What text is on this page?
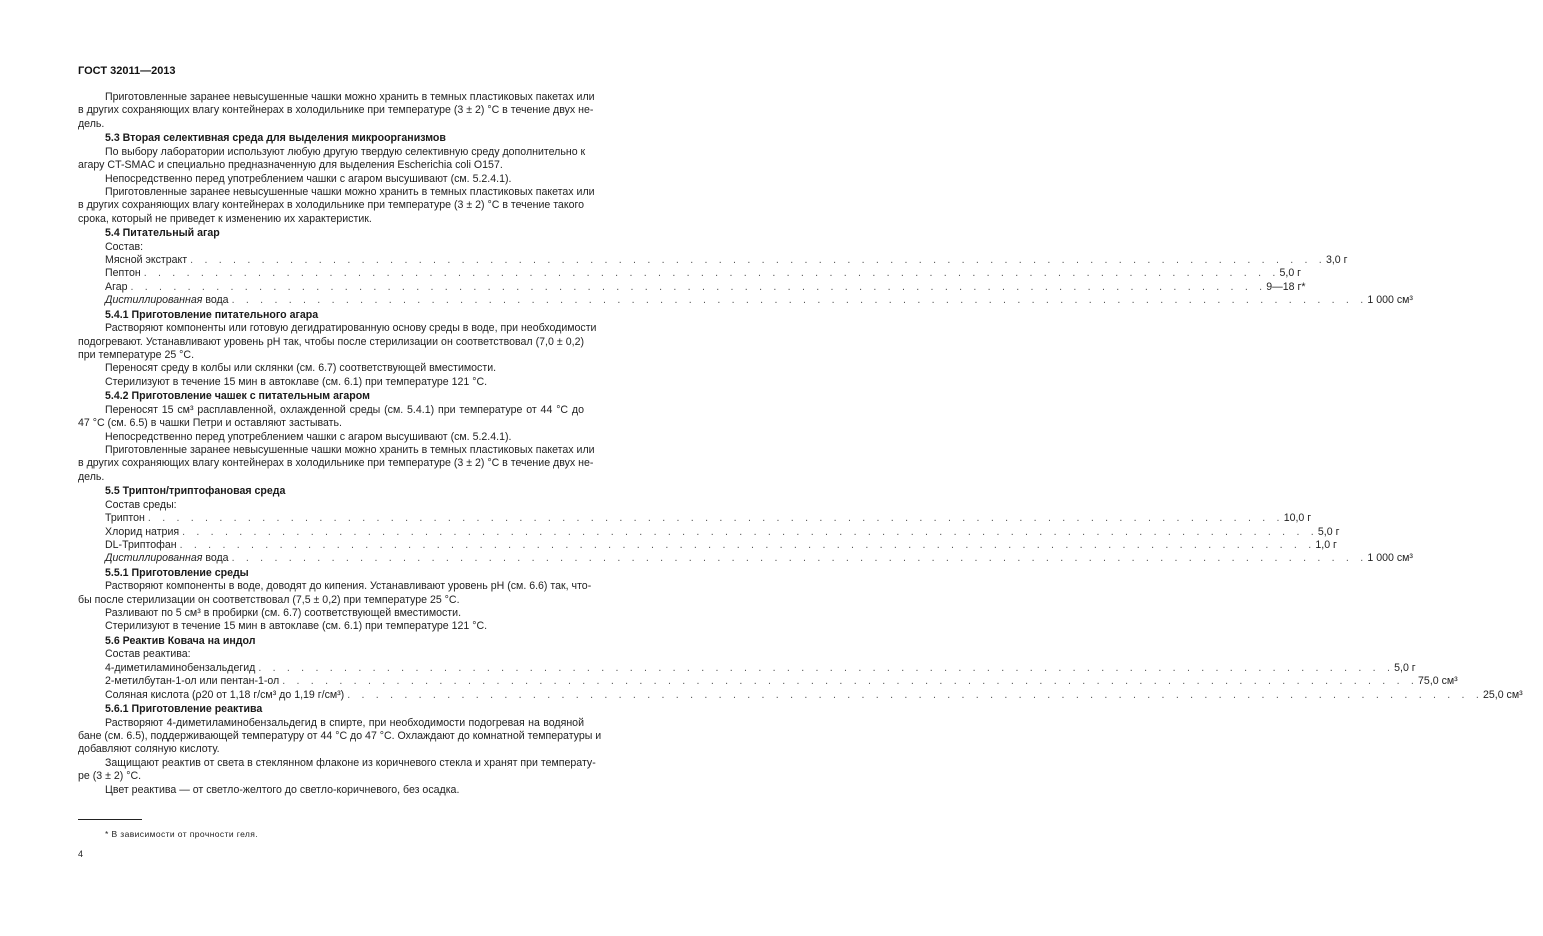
ГОСТ 32011—2013
Приготовленные заранее невысушенные чашки можно хранить в темных пластиковых пакетах или
в других сохраняющих влагу контейнерах в холодильнике при температуре (3 ± 2) °С в течение двух не-
дель.
5.3 Вторая селективная среда для выделения микроорганизмов
По выбору лаборатории используют любую другую твердую селективную среду дополнительно к
агару CT-SMAC и специально предназначенную для выделения Escherichia coli O157.
Непосредственно перед употреблением чашки с агаром высушивают (см. 5.2.4.1).
Приготовленные заранее невысушенные чашки можно хранить в темных пластиковых пакетах или
в других сохраняющих влагу контейнерах в холодильнике при температуре (3 ± 2) °С в течение такого
срока, который не приведет к изменению их характеристик.
5.4 Питательный агар
Состав:
Мясной экстракт . . . . . . . . . . . . . . . . . . . . . . . . . . . . . . . . . . . . . . . . . . . . . . . . . . . . . . . . . . . . . . . . . . . . . . . . . . . . . . . . 3,0 г
Пептон . . . . . . . . . . . . . . . . . . . . . . . . . . . . . . . . . . . . . . . . . . . . . . . . . . . . . . . . . . . . . . . . . . . . . . . . . . . . . . . . 5,0 г
Агар . . . . . . . . . . . . . . . . . . . . . . . . . . . . . . . . . . . . . . . . . . . . . . . . . . . . . . . . . . . . . . . . . . . . . . . . . . . . . . . . 9—18 г*
Дистиллированная вода . . . . . . . . . . . . . . . . . . . . . . . . . . . . . . . . . . . . . . . . . . . . . . . . . . . . . . . . . . . . . . . . . . . . . . . . . . . . . . . . 1 000 см³
5.4.1 Приготовление питательного агара
Растворяют компоненты или готовую дегидратированную основу среды в воде, при необходимости
подогревают. Устанавливают уровень рН так, чтобы после стерилизации он соответствовал (7,0 ± 0,2)
при температуре 25 °С.
Переносят среду в колбы или склянки (см. 6.7) соответствующей вместимости.
Стерилизуют в течение 15 мин в автоклаве (см. 6.1) при температуре 121 °С.
5.4.2 Приготовление чашек с питательным агаром
Переносят 15 см³ расплавленной, охлажденной среды (см. 5.4.1) при температуре от 44 °С до
47 °С (см. 6.5) в чашки Петри и оставляют застывать.
Непосредственно перед употреблением чашки с агаром высушивают (см. 5.2.4.1).
Приготовленные заранее невысушенные чашки можно хранить в темных пластиковых пакетах или
в других сохраняющих влагу контейнерах в холодильнике при температуре (3 ± 2) °С в течение двух не-
дель.
5.5 Триптон/триптофановая среда
Состав среды:
Триптон . . . . . . . . . . . . . . . . . . . . . . . . . . . . . . . . . . . . . . . . . . . . . . . . . . . . . . . . . . . . . . . . . . . . . . . . . . . . . . . . 10,0 г
Хлорид натрия . . . . . . . . . . . . . . . . . . . . . . . . . . . . . . . . . . . . . . . . . . . . . . . . . . . . . . . . . . . . . . . . . . . . . . . . . . . . . . . . 5,0 г
DL-Триптофан . . . . . . . . . . . . . . . . . . . . . . . . . . . . . . . . . . . . . . . . . . . . . . . . . . . . . . . . . . . . . . . . . . . . . . . . . . . . . . . . 1,0 г
Дистиллированная вода . . . . . . . . . . . . . . . . . . . . . . . . . . . . . . . . . . . . . . . . . . . . . . . . . . . . . . . . . . . . . . . . . . . . . . . . . . . . . . . . 1 000 см³
5.5.1 Приготовление среды
Растворяют компоненты в воде, доводят до кипения. Устанавливают уровень рН (см. 6.6) так, что-
бы после стерилизации он соответствовал (7,5 ± 0,2) при температуре 25 °С.
Разливают по 5 см³ в пробирки (см. 6.7) соответствующей вместимости.
Стерилизуют в течение 15 мин в автоклаве (см. 6.1) при температуре 121 °С.
5.6 Реактив Ковача на индол
Состав реактива:
4-диметиламинобензальдегид . . . . . . . . . . . . . . . . . . . . . . . . . . . . . . . . . . . . . . . . . . . . . . . . . . . . . . . . . . . . . . . . . . . . . . . . . . . . . . . . 5,0 г
2-метилбутан-1-ол или пентан-1-ол . . . . . . . . . . . . . . . . . . . . . . . . . . . . . . . . . . . . . . . . . . . . . . . . . . . . . . . . . . . . . . . . . . . . . . . . . . . . . . . . 75,0 см³
Соляная кислота (ρ20 от 1,18 г/см³ до 1,19 г/см³) . . . . . . . . . . . . . . . . . . . . . . . . . . . . . . . . . . . . . . . . . . . . . . . . . . . . . . . . . . . . . . . . . . . . . . . . . . . . . . . . 25,0 см³
5.6.1 Приготовление реактива
Растворяют 4-диметиламинобензальдегид в спирте, при необходимости подогревая на водяной
бане (см. 6.5), поддерживающей температуру от 44 °С до 47 °С. Охлаждают до комнатной температуры и
добавляют соляную кислоту.
Защищают реактив от света в стеклянном флаконе из коричневого стекла и хранят при температу-
ре (3 ± 2) °С.
Цвет реактива — от светло-желтого до светло-коричневого, без осадка.
* В зависимости от прочности геля.
4
